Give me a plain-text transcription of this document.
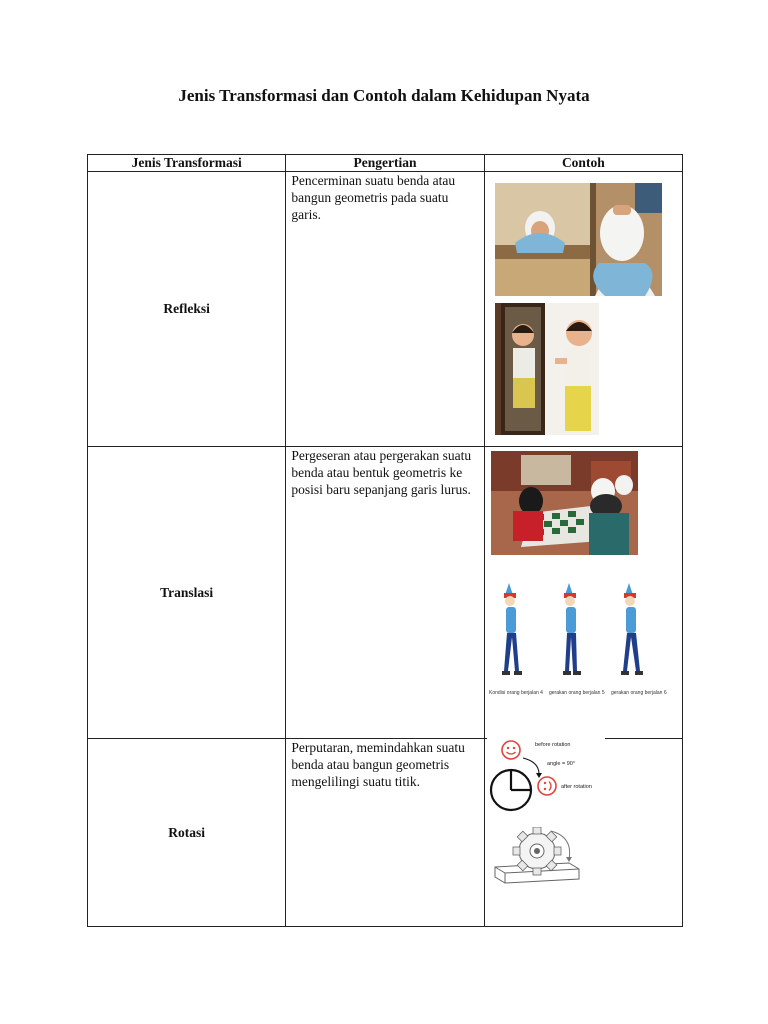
Jenis Transformasi dan Contoh dalam Kehidupan Nyata
Jenis Transformasi	Pengertian	Contoh
Refleksi	Pencerminan suatu benda atau bangun geometris pada suatu garis.	

Translasi	Pergeseran atau pergerakan suatu benda atau bentuk geometris ke posisi baru sepanjang garis lurus.	Kondisi orang berjalan 4 gerakan orang berjalan 5 gerakan orang berjalan 6

Rotasi	Perputaran, memindahkan suatu benda atau bangun geometris mengelilingi suatu titik.	before rotation
angle = 90°
after rotation
